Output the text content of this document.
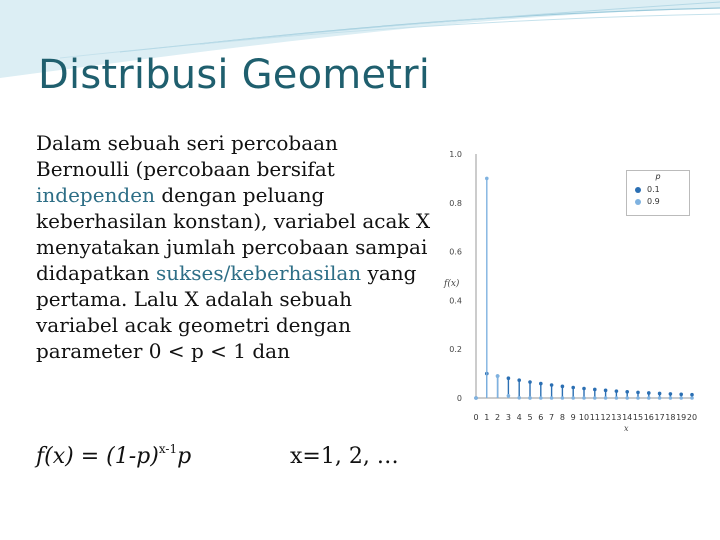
Distribusi Geometri

Dalam sebuah seri percobaan Bernoulli (percobaan bersifat independen dengan peluang keberhasilan konstan), variabel acak X menyatakan jumlah percobaan sampai didapatkan sukses/keberhasilan yang pertama. Lalu X adalah sebuah variabel acak geometri dengan parameter 0 < p < 1 dan

$f(x) = (1-p)^{x-1}p$	x=1, 2, …
0
0.2
0.4
0.6
0.8
1.0
0 1 2 3 4 5 6 7 8 9 10 11 12 13 14 15 16 17 18 19 20
f(x)
x
p
0.1
0.9
